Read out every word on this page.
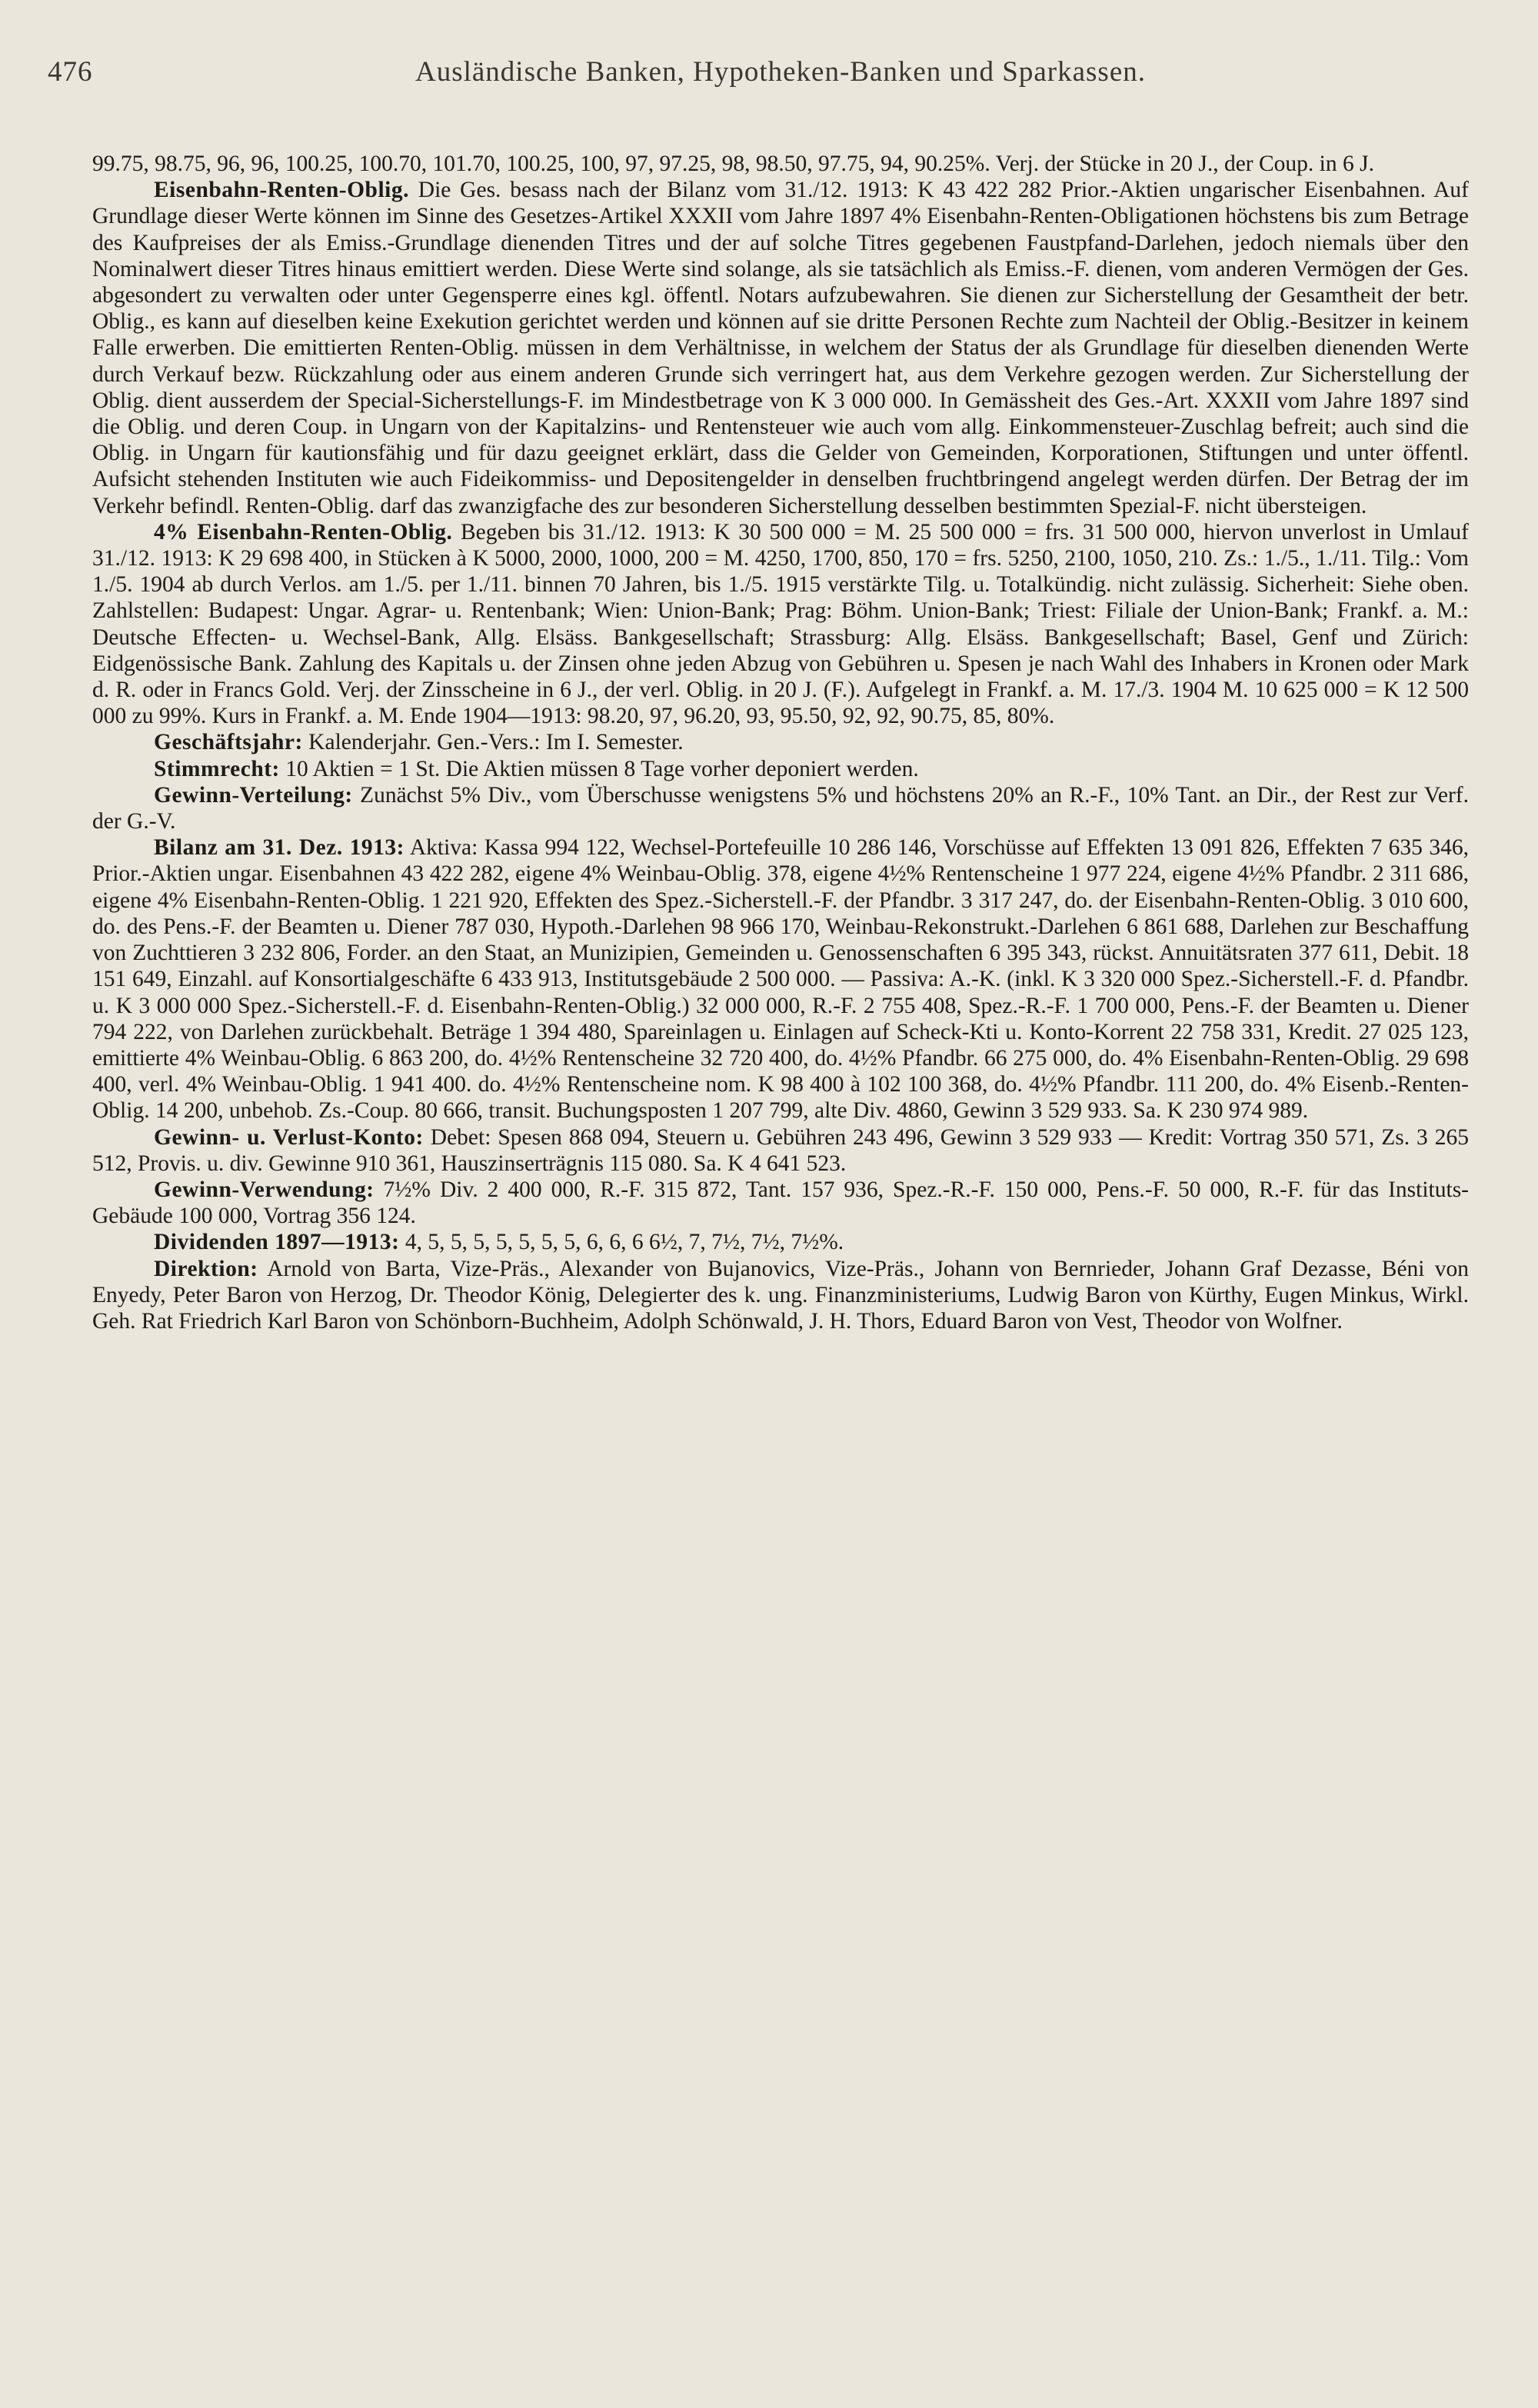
476	Ausländische Banken, Hypotheken-Banken und Sparkassen.

99.75, 98.75, 96, 96, 100.25, 100.70, 101.70, 100.25, 100, 97, 97.25, 98, 98.50, 97.75, 94, 90.25%. Verj. der Stücke in 20 J., der Coup. in 6 J.

Eisenbahn-Renten-Oblig. Die Ges. besass nach der Bilanz vom 31./12. 1913: K 43 422 282 Prior.-Aktien ungarischer Eisenbahnen. Auf Grundlage dieser Werte können im Sinne des Gesetzes-Artikel XXXII vom Jahre 1897 4% Eisenbahn-Renten-Obligationen höchstens bis zum Betrage des Kaufpreises der als Emiss.-Grundlage dienenden Titres und der auf solche Titres gegebenen Faustpfand-Darlehen, jedoch niemals über den Nominalwert dieser Titres hinaus emittiert werden. Diese Werte sind solange, als sie tatsächlich als Emiss.-F. dienen, vom anderen Vermögen der Ges. abgesondert zu verwalten oder unter Gegensperre eines kgl. öffentl. Notars aufzubewahren. Sie dienen zur Sicherstellung der Gesamtheit der betr. Oblig., es kann auf dieselben keine Exekution gerichtet werden und können auf sie dritte Personen Rechte zum Nachteil der Oblig.-Besitzer in keinem Falle erwerben. Die emittierten Renten-Oblig. müssen in dem Verhältnisse, in welchem der Status der als Grundlage für dieselben dienenden Werte durch Verkauf bezw. Rückzahlung oder aus einem anderen Grunde sich verringert hat, aus dem Verkehre gezogen werden. Zur Sicherstellung der Oblig. dient ausserdem der Special-Sicherstellungs-F. im Mindestbetrage von K 3 000 000. In Gemässheit des Ges.-Art. XXXII vom Jahre 1897 sind die Oblig. und deren Coup. in Ungarn von der Kapitalzins- und Rentensteuer wie auch vom allg. Einkommensteuer-Zuschlag befreit; auch sind die Oblig. in Ungarn für kautionsfähig und für dazu geeignet erklärt, dass die Gelder von Gemeinden, Korporationen, Stiftungen und unter öffentl. Aufsicht stehenden Instituten wie auch Fideikommiss- und Depositengelder in denselben fruchtbringend angelegt werden dürfen. Der Betrag der im Verkehr befindl. Renten-Oblig. darf das zwanzigfache des zur besonderen Sicherstellung desselben bestimmten Spezial-F. nicht übersteigen.

4% Eisenbahn-Renten-Oblig. Begeben bis 31./12. 1913: K 30 500 000 = M. 25 500 000 = frs. 31 500 000, hiervon unverlost in Umlauf 31./12. 1913: K 29 698 400, in Stücken à K 5000, 2000, 1000, 200 = M. 4250, 1700, 850, 170 = frs. 5250, 2100, 1050, 210. Zs.: 1./5., 1./11. Tilg.: Vom 1./5. 1904 ab durch Verlos. am 1./5. per 1./11. binnen 70 Jahren, bis 1./5. 1915 verstärkte Tilg. u. Totalkündig. nicht zulässig. Sicherheit: Siehe oben. Zahlstellen: Budapest: Ungar. Agrar- u. Rentenbank; Wien: Union-Bank; Prag: Böhm. Union-Bank; Triest: Filiale der Union-Bank; Frankf. a. M.: Deutsche Effecten- u. Wechsel-Bank, Allg. Elsäss. Bankgesellschaft; Strassburg: Allg. Elsäss. Bankgesellschaft; Basel, Genf und Zürich: Eidgenössische Bank. Zahlung des Kapitals u. der Zinsen ohne jeden Abzug von Gebühren u. Spesen je nach Wahl des Inhabers in Kronen oder Mark d. R. oder in Francs Gold. Verj. der Zinsscheine in 6 J., der verl. Oblig. in 20 J. (F.). Aufgelegt in Frankf. a. M. 17./3. 1904 M. 10 625 000 = K 12 500 000 zu 99%. Kurs in Frankf. a. M. Ende 1904—1913: 98.20, 97, 96.20, 93, 95.50, 92, 92, 90.75, 85, 80%.

Geschäftsjahr: Kalenderjahr. Gen.-Vers.: Im I. Semester.

Stimmrecht: 10 Aktien = 1 St. Die Aktien müssen 8 Tage vorher deponiert werden.

Gewinn-Verteilung: Zunächst 5% Div., vom Überschusse wenigstens 5% und höchstens 20% an R.-F., 10% Tant. an Dir., der Rest zur Verf. der G.-V.

Bilanz am 31. Dez. 1913: Aktiva: Kassa 994 122, Wechsel-Portefeuille 10 286 146, Vorschüsse auf Effekten 13 091 826, Effekten 7 635 346, Prior.-Aktien ungar. Eisenbahnen 43 422 282, eigene 4% Weinbau-Oblig. 378, eigene 4½% Rentenscheine 1 977 224, eigene 4½% Pfandbr. 2 311 686, eigene 4% Eisenbahn-Renten-Oblig. 1 221 920, Effekten des Spez.-Sicherstell.-F. der Pfandbr. 3 317 247, do. der Eisenbahn-Renten-Oblig. 3 010 600, do. des Pens.-F. der Beamten u. Diener 787 030, Hypoth.-Darlehen 98 966 170, Weinbau-Rekonstrukt.-Darlehen 6 861 688, Darlehen zur Beschaffung von Zuchttieren 3 232 806, Forder. an den Staat, an Munizipien, Gemeinden u. Genossenschaften 6 395 343, rückst. Annuitätsraten 377 611, Debit. 18 151 649, Einzahl. auf Konsortialgeschäfte 6 433 913, Institutsgebäude 2 500 000. — Passiva: A.-K. (inkl. K 3 320 000 Spez.-Sicherstell.-F. d. Pfandbr. u. K 3 000 000 Spez.-Sicherstell.-F. d. Eisenbahn-Renten-Oblig.) 32 000 000, R.-F. 2 755 408, Spez.-R.-F. 1 700 000, Pens.-F. der Beamten u. Diener 794 222, von Darlehen zurückbehalt. Beträge 1 394 480, Spareinlagen u. Einlagen auf Scheck-Kti u. Konto-Korrent 22 758 331, Kredit. 27 025 123, emittierte 4% Weinbau-Oblig. 6 863 200, do. 4½% Rentenscheine 32 720 400, do. 4½% Pfandbr. 66 275 000, do. 4% Eisenbahn-Renten-Oblig. 29 698 400, verl. 4% Weinbau-Oblig. 1 941 400. do. 4½% Rentenscheine nom. K 98 400 à 102 100 368, do. 4½% Pfandbr. 111 200, do. 4% Eisenb.-Renten-Oblig. 14 200, unbehob. Zs.-Coup. 80 666, transit. Buchungsposten 1 207 799, alte Div. 4860, Gewinn 3 529 933. Sa. K 230 974 989.

Gewinn- u. Verlust-Konto: Debet: Spesen 868 094, Steuern u. Gebühren 243 496, Gewinn 3 529 933 — Kredit: Vortrag 350 571, Zs. 3 265 512, Provis. u. div. Gewinne 910 361, Hauszinserträgnis 115 080. Sa. K 4 641 523.

Gewinn-Verwendung: 7½% Div. 2 400 000, R.-F. 315 872, Tant. 157 936, Spez.-R.-F. 150 000, Pens.-F. 50 000, R.-F. für das Instituts-Gebäude 100 000, Vortrag 356 124.

Dividenden 1897—1913: 4, 5, 5, 5, 5, 5, 5, 5, 6, 6, 6 6½, 7, 7½, 7½, 7½%.

Direktion: Arnold von Barta, Vize-Präs., Alexander von Bujanovics, Vize-Präs., Johann von Bernrieder, Johann Graf Dezasse, Béni von Enyedy, Peter Baron von Herzog, Dr. Theodor König, Delegierter des k. ung. Finanzministeriums, Ludwig Baron von Kürthy, Eugen Minkus, Wirkl. Geh. Rat Friedrich Karl Baron von Schönborn-Buchheim, Adolph Schönwald, J. H. Thors, Eduard Baron von Vest, Theodor von Wolfner.
